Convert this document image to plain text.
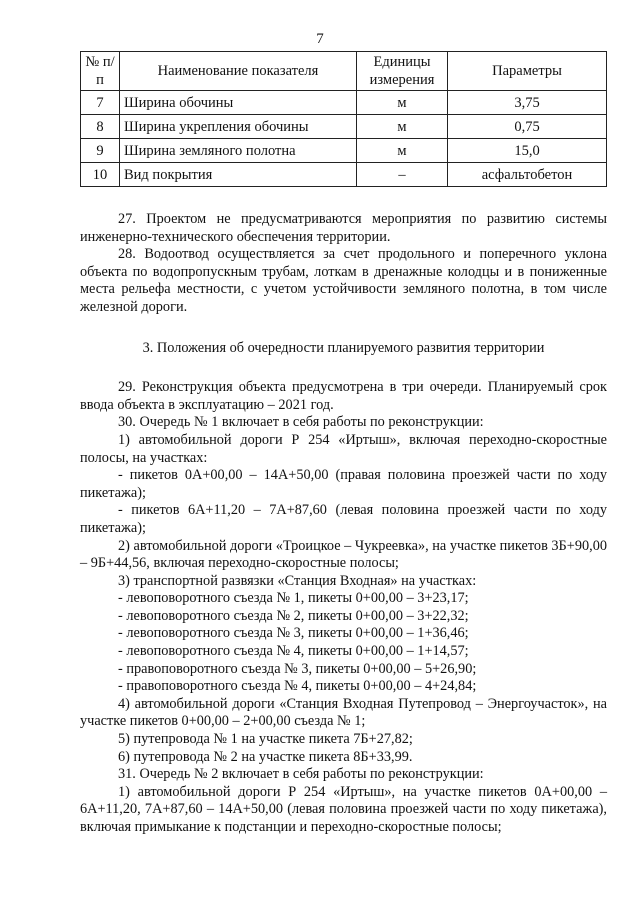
7
№ п/п	Наименование показателя	Единицы измерения	Параметры
7	Ширина обочины	м	3,75
8	Ширина укрепления обочины	м	0,75
9	Ширина земляного полотна	м	15,0
10	Вид покрытия	–	асфальтобетон

27. Проектом не предусматриваются мероприятия по развитию системы инженерно-технического обеспечения территории.

28. Водоотвод осуществляется за счет продольного и поперечного уклона объекта по водопропускным трубам, лоткам в дренажные колодцы и в пониженные места рельефа местности, с учетом устойчивости земляного полотна, в том числе железной дороги.

3. Положения об очередности планируемого развития территории

29. Реконструкция объекта предусмотрена в три очереди. Планируемый срок ввода объекта в эксплуатацию – 2021 год.

30. Очередь № 1 включает в себя работы по реконструкции:

1) автомобильной дороги Р 254 «Иртыш», включая переходно-скоростные полосы, на участках:

- пикетов 0А+00,00 – 14А+50,00 (правая половина проезжей части по ходу пикетажа);

- пикетов 6А+11,20 – 7А+87,60 (левая половина проезжей части по ходу пикетажа);

2) автомобильной дороги «Троицкое – Чукреевка», на участке пикетов 3Б+90,00 – 9Б+44,56, включая переходно-скоростные полосы;

3) транспортной развязки «Станция Входная» на участках:

- левоповоротного съезда № 1, пикеты 0+00,00 – 3+23,17;

- левоповоротного съезда № 2, пикеты 0+00,00 – 3+22,32;

- левоповоротного съезда № 3, пикеты 0+00,00 – 1+36,46;

- левоповоротного съезда № 4, пикеты 0+00,00 – 1+14,57;

- правоповоротного съезда № 3, пикеты 0+00,00 – 5+26,90;

- правоповоротного съезда № 4, пикеты 0+00,00 – 4+24,84;

4) автомобильной дороги «Станция Входная Путепровод – Энергоучасток», на участке пикетов 0+00,00 – 2+00,00 съезда № 1;

5) путепровода № 1 на участке пикета 7Б+27,82;

6) путепровода № 2 на участке пикета 8Б+33,99.

31. Очередь № 2 включает в себя работы по реконструкции:

1) автомобильной дороги Р 254 «Иртыш», на участке пикетов 0А+00,00 – 6А+11,20, 7А+87,60 – 14А+50,00 (левая половина проезжей части по ходу пикетажа), включая примыкание к подстанции и переходно-скоростные полосы;
